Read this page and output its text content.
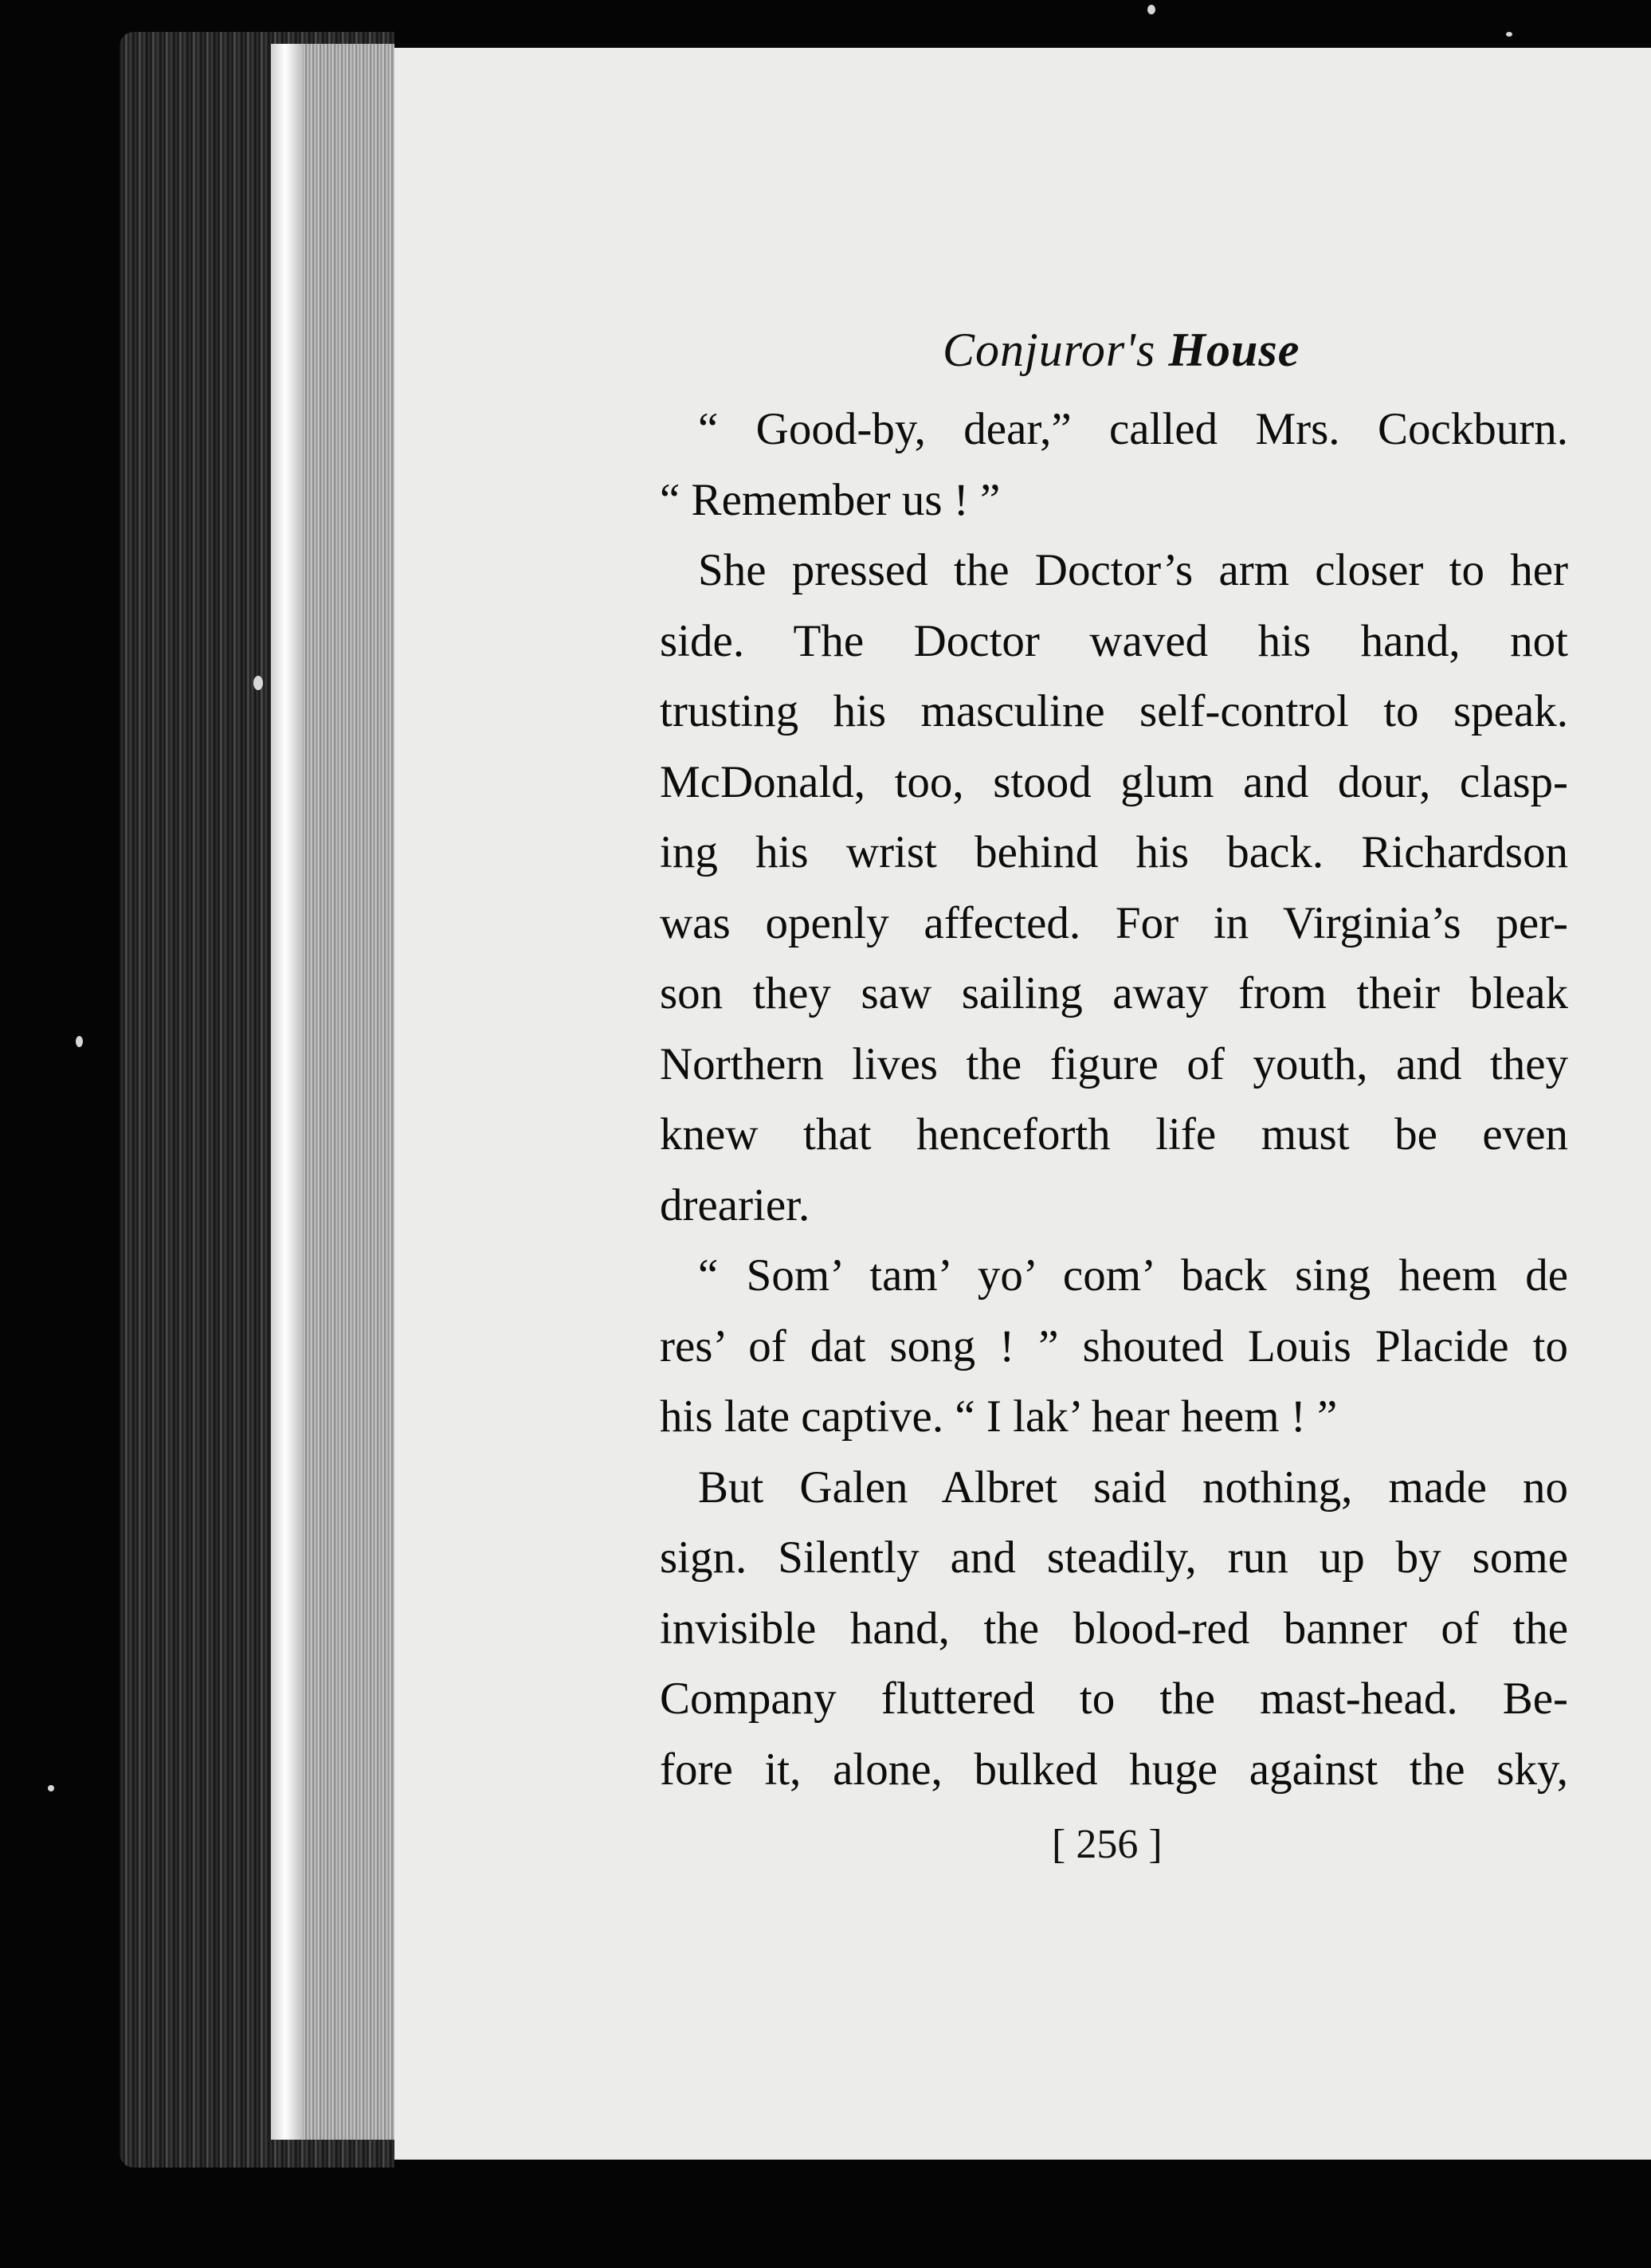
Conjuror's House
“ Good-by, dear,” called Mrs. Cockburn.
“ Remember us ! ”
She pressed the Doctor’s arm closer to her
side. The Doctor waved his hand, not
trusting his masculine self-control to speak.
McDonald, too, stood glum and dour, clasp-
ing his wrist behind his back. Richardson
was openly affected. For in Virginia’s per-
son they saw sailing away from their bleak
Northern lives the figure of youth, and they
knew that henceforth life must be even
drearier.
“ Som’ tam’ yo’ com’ back sing heem de
res’ of dat song ! ” shouted Louis Placide to
his late captive. “ I lak’ hear heem ! ”
But Galen Albret said nothing, made no
sign. Silently and steadily, run up by some
invisible hand, the blood-red banner of the
Company fluttered to the mast-head. Be-
fore it, alone, bulked huge against the sky,
[ 256 ]
